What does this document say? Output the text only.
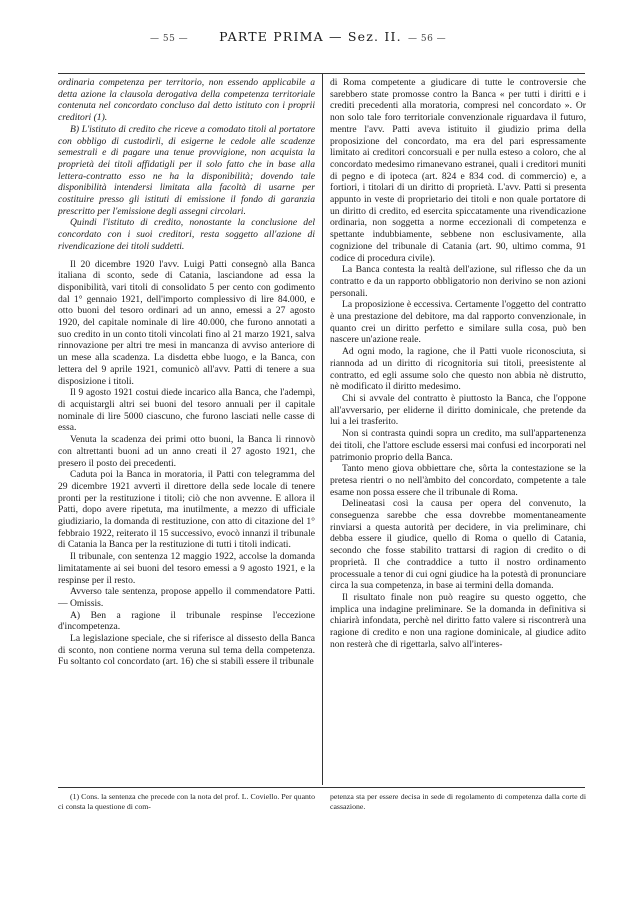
— 55 —	PARTE PRIMA — Sez. II. — 56 —

ordinaria competenza per territorio, non essendo applicabile a detta azione la clausola derogativa della competenza territoriale contenuta nel concordato concluso dal detto istituto con i proprii creditori (1).

B) L'istituto di credito che riceve a comodato titoli al portatore con obbligo di custodirli, di esigerne le cedole alle scadenze semestrali e di pagare una tenue provvigione, non acquista la proprietà dei titoli affidatigli per il solo fatto che in base alla lettera-contratto esso ne ha la disponibilità; dovendo tale disponibilità intendersi limitata alla facoltà di usarne per costituire presso gli istituti di emissione il fondo di garanzia prescritto per l'emissione degli assegni circolari.

Quindi l'istituto di credito, nonostante la conclusione del concordato con i suoi creditori, resta soggetto all'azione di rivendicazione dei titoli suddetti.

Il 20 dicembre 1920 l'avv. Luigi Patti consegnò alla Banca italiana di sconto, sede di Catania, lasciandone ad essa la disponibilità, vari titoli di consolidato 5 per cento con godimento dal 1° gennaio 1921, dell'importo complessivo di lire 84.000, e otto buoni del tesoro ordinari ad un anno, emessi a 27 agosto 1920, del capitale nominale di lire 40.000, che furono annotati a suo credito in un conto titoli vincolati fino al 21 marzo 1921, salva rinnovazione per altri tre mesi in mancanza di avviso anteriore di un mese alla scadenza. La disdetta ebbe luogo, e la Banca, con lettera del 9 aprile 1921, comunicò all'avv. Patti di tenere a sua disposizione i titoli.

Il 9 agosto 1921 costui diede incarico alla Banca, che l'adempì, di acquistargli altri sei buoni del tesoro annuali per il capitale nominale di lire 5000 ciascuno, che furono lasciati nelle casse di essa.

Venuta la scadenza dei primi otto buoni, la Banca li rinnovò con altrettanti buoni ad un anno creati il 27 agosto 1921, che presero il posto dei precedenti.

Caduta poi la Banca in moratoria, il Patti con telegramma del 29 dicembre 1921 avvertì il direttore della sede locale di tenere pronti per la restituzione i titoli; ciò che non avvenne. E allora il Patti, dopo avere ripetuta, ma inutilmente, a mezzo di ufficiale giudiziario, la domanda di restituzione, con atto di citazione del 1° febbraio 1922, reiterato il 15 successivo, evocò innanzi il tribunale di Catania la Banca per la restituzione di tutti i titoli indicati.

Il tribunale, con sentenza 12 maggio 1922, accolse la domanda limitatamente ai sei buoni del tesoro emessi a 9 agosto 1921, e la respinse per il resto.

Avverso tale sentenza, propose appello il commendatore Patti. — Omissis.

A) Ben a ragione il tribunale respinse l'eccezione d'incompetenza.

La legislazione speciale, che si riferisce al dissesto della Banca di sconto, non contiene norma veruna sul tema della competenza. Fu soltanto col concordato (art. 16) che si stabilì essere il tribunale

di Roma competente a giudicare di tutte le controversie che sarebbero state promosse contro la Banca « per tutti i diritti e i crediti precedenti alla moratoria, compresi nel concordato ». Or non solo tale foro territoriale convenzionale riguardava il futuro, mentre l'avv. Patti aveva istituito il giudizio prima della proposizione del concordato, ma era del pari espressamente limitato ai creditori concorsuali e per nulla esteso a coloro, che al concordato medesimo rimanevano estranei, quali i creditori muniti di pegno e di ipoteca (art. 824 e 834 cod. di commercio) e, a fortiori, i titolari di un diritto di proprietà. L'avv. Patti si presenta appunto in veste di proprietario dei titoli e non quale portatore di un diritto di credito, ed esercita spiccatamente una rivendicazione ordinaria, non soggetta a norme eccezionali di competenza e spettante indubbiamente, sebbene non esclusivamente, alla cognizione del tribunale di Catania (art. 90, ultimo comma, 91 codice di procedura civile).

La Banca contesta la realtà dell'azione, sul riflesso che da un contratto e da un rapporto obbligatorio non derivino se non azioni personali.

La proposizione è eccessiva. Certamente l'oggetto del contratto è una prestazione del debitore, ma dal rapporto convenzionale, in quanto crei un diritto perfetto e similare sulla cosa, può ben nascere un'azione reale.

Ad ogni modo, la ragione, che il Patti vuole riconosciuta, si riannoda ad un diritto di ricognitoria sui titoli, preesistente al contratto, ed egli assume solo che questo non abbia nè distrutto, nè modificato il diritto medesimo.

Chi si avvale del contratto è piuttosto la Banca, che l'oppone all'avversario, per eliderne il diritto dominicale, che pretende da lui a lei trasferito.

Non si contrasta quindi sopra un credito, ma sull'appartenenza dei titoli, che l'attore esclude essersi mai confusi ed incorporati nel patrimonio proprio della Banca.

Tanto meno giova obbiettare che, sôrta la contestazione se la pretesa rientri o no nell'àmbito del concordato, competente a tale esame non possa essere che il tribunale di Roma.

Delineatasi così la causa per opera del convenuto, la conseguenza sarebbe che essa dovrebbe momentaneamente rinviarsi a questa autorità per decidere, in via preliminare, chi debba essere il giudice, quello di Roma o quello di Catania, secondo che fosse stabilito trattarsi di ragion di credito o di proprietà. Il che contraddice a tutto il nostro ordinamento processuale a tenor di cui ogni giudice ha la potestà di pronunciare circa la sua competenza, in base ai termini della domanda.

Il risultato finale non può reagire su questo oggetto, che implica una indagine preliminare. Se la domanda in definitiva si chiarirà infondata, perchè nel diritto fatto valere si riscontrerà una ragione di credito e non una ragione dominicale, al giudice adito non resterà che di rigettarla, salvo all'interes-

(1) Cons. la sentenza che precede con la nota del prof. L. Coviello. Per quanto ci consta la questione di com-

petenza sta per essere decisa in sede di regolamento di competenza dalla corte di cassazione.
